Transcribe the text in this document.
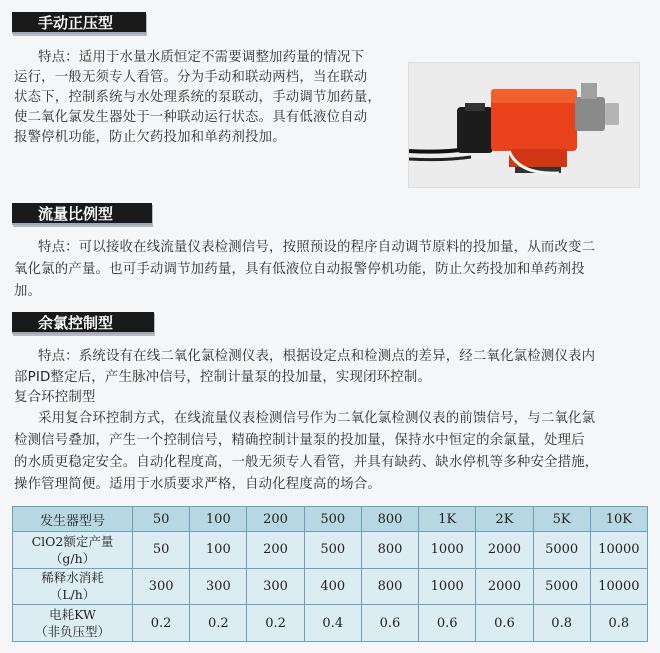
手动正压型

特点：适用于水量水质恒定不需要调整加药量的情况下

运行，一般无须专人看管。分为手动和联动两档，当在联动

状态下，控制系统与水处理系统的泵联动，手动调节加药量，

使二氧化氯发生器处于一种联动运行状态。具有低液位自动

报警停机功能，防止欠药投加和单药剂投加。

流量比例型

特点：可以接收在线流量仪表检测信号，按照预设的程序自动调节原料的投加量，从而改变二

氧化氯的产量。也可手动调节加药量，具有低液位自动报警停机功能，防止欠药投加和单药剂投

加。

余氯控制型

特点：系统设有在线二氧化氯检测仪表，根据设定点和检测点的差异，经二氧化氯检测仪表内

部PID整定后，产生脉冲信号，控制计量泵的投加量，实现闭环控制。

复合环控制型

采用复合环控制方式，在线流量仪表检测信号作为二氧化氯检测仪表的前馈信号，与二氧化氯

检测信号叠加，产生一个控制信号，精确控制计量泵的投加量，保持水中恒定的余氯量，处理后

的水质更稳定安全。自动化程度高，一般无须专人看管，并具有缺药、缺水停机等多种安全措施，

操作管理简便。适用于水质要求严格，自动化程度高的场合。

发生器型号	50	100	200	500	800	1K	2K	5K	10K

ClO2额定产量
（g/h）	50	100	200	500	800	1000	2000	5000	10000

稀释水消耗
（L/h）	300	300	300	400	800	1000	2000	5000	10000

电耗KW
（非负压型）	0.2	0.2	0.2	0.4	0.6	0.6	0.6	0.8	0.8
